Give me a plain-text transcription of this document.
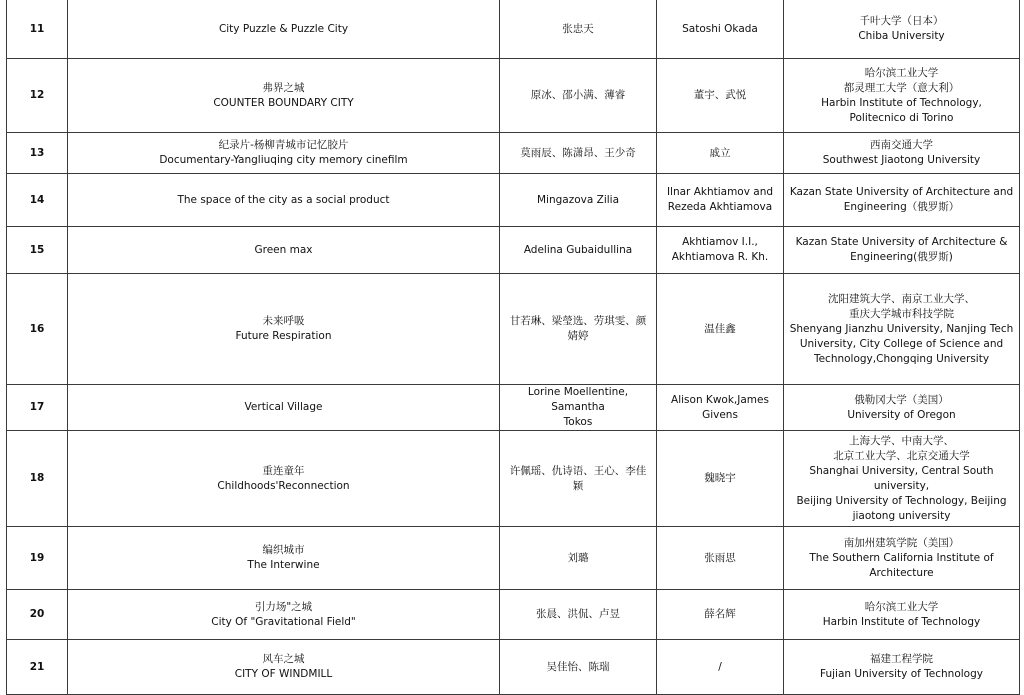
11	City Puzzle & Puzzle City	张忠天	Satoshi Okada	千叶大学（日本）
Chiba University

12	弗界之城
COUNTER BOUNDARY CITY	原冰、邵小满、薄睿	董宇、武悦	哈尔滨工业大学
都灵理工大学（意大利）
Harbin Institute of Technology,
Politecnico di Torino

13	纪录片-杨柳青城市记忆胶片
Documentary-Yangliuqing city memory cinefilm	莫雨辰、陈潇昂、王少奇	戚立	西南交通大学
Southwest Jiaotong University

14	The space of the city as a social product	Mingazova Zilia	Ilnar Akhtiamov and
Rezeda Akhtiamova	Kazan State University of Architecture and
Engineering（俄罗斯）

15	Green max	Adelina Gubaidullina	Akhtiamov I.I.,
Akhtiamova R. Kh.	Kazan State University of Architecture &
Engineering(俄罗斯)

16	未来呼吸
Future Respiration	甘若琳、梁瑩选、劳琪雯、颜
婧婷	温佳鑫	沈阳建筑大学、南京工业大学、
重庆大学城市科技学院
Shenyang Jianzhu University, Nanjing Tech
University, City College of Science and
Technology,Chongqing University

17	Vertical Village	Lorine Moellentine, Samantha
Tokos	Alison Kwok,James
Givens	俄勒冈大学（美国）
University of Oregon

18	重连童年
Childhoods'Reconnection	许佩瑶、仇诗语、王心、李佳
颖	魏晓宇	上海大学、中南大学、
北京工业大学、北京交通大学
Shanghai University, Central South university,
Beijing University of Technology, Beijing
jiaotong university

19	编织城市
The Interwine	刘璐	张雨思	南加州建筑学院（美国）
The Southern California Institute of
Architecture

20	引力场"之城
City Of "Gravitational Field"	张晨、洪侃、卢昱	薛名辉	哈尔滨工业大学
Harbin Institute of Technology

21	风车之城
CITY OF WINDMILL	吴佳怡、陈瑞	/	福建工程学院
Fujian University of Technology
